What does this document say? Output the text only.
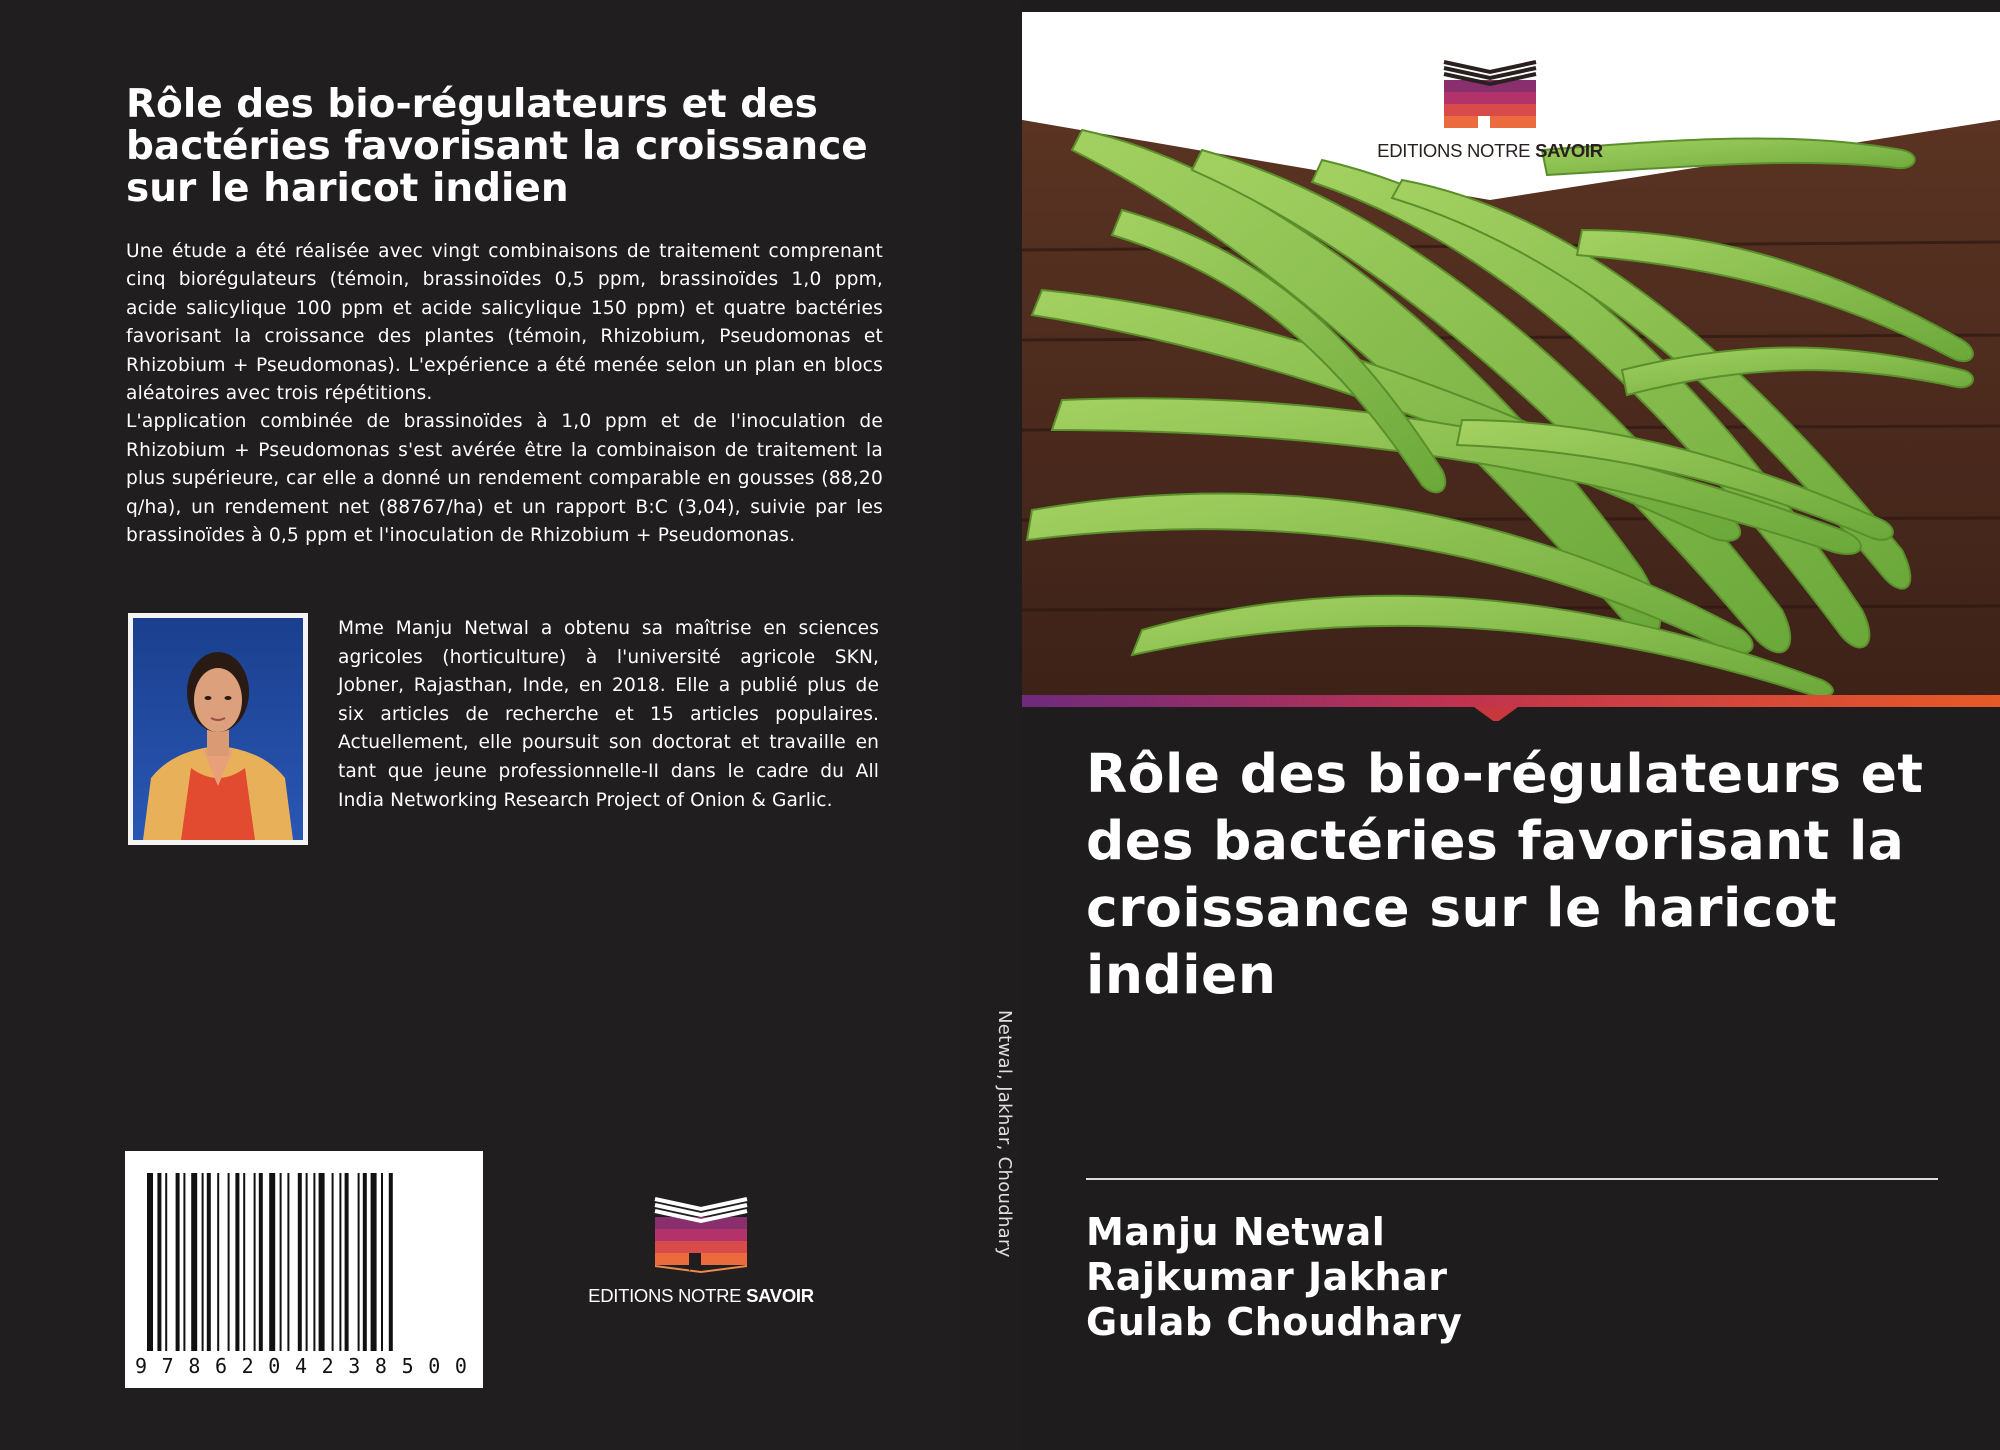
Rôle des bio-régulateurs et des bactéries favorisant la croissance sur le haricot indien

Une étude a été réalisée avec vingt combinaisons de traitement comprenant cinq biorégulateurs (témoin, brassinoïdes 0,5 ppm, brassinoïdes 1,0 ppm, acide salicylique 100 ppm et acide salicylique 150 ppm) et quatre bactéries favorisant la croissance des plantes (témoin, Rhizobium, Pseudomonas et Rhizobium + Pseudomonas). L'expérience a été menée selon un plan en blocs aléatoires avec trois répétitions.

L'application combinée de brassinoïdes à 1,0 ppm et de l'inoculation de Rhizobium + Pseudomonas s'est avérée être la combinaison de traitement la plus supérieure, car elle a donné un rendement comparable en gousses (88,20 q/ha), un rendement net (88767/ha) et un rapport B:C (3,04), suivie par les brassinoïdes à 0,5 ppm et l'inoculation de Rhizobium + Pseudomonas.

Mme Manju Netwal a obtenu sa maîtrise en sciences agricoles (horticulture) à l'université agricole SKN, Jobner, Rajasthan, Inde, en 2018. Elle a publié plus de six articles de recherche et 15 articles populaires. Actuellement, elle poursuit son doctorat et travaille en tant que jeune professionnelle-II dans le cadre du All India Networking Research Project of Onion & Garlic.

9 7 8 6 2 0 4 2 3 8 5 0 0
EDITIONS NOTRE SAVOIR
Netwal, Jakhar, Choudhary
EDITIONS NOTRE SAVOIR
Rôle des bio-régulateurs et des bactéries favorisant la croissance sur le haricot indien
Manju Netwal
Rajkumar Jakhar
Gulab Choudhary
